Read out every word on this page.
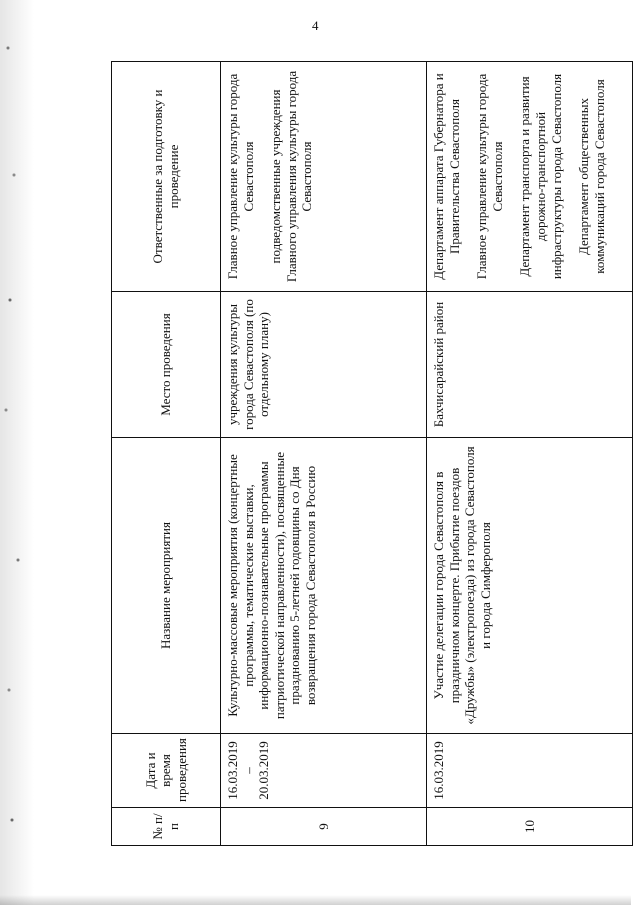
4
№ п/п	Дата и время проведения	Название мероприятия	Место проведения	Ответственные за подготовку и проведение
9	16.03.2019 – 20.03.2019	Культурно-массовые мероприятия (концертные программы, тематические выставки, информационно-познавательные программы патриотической направленности), посвященные празднованию 5-летней годовщины со Дня возвращения города Севастополя в Россию	учреждения культуры города Севастополя (по отдельному плану)	Главное управление культуры города Севастополя подведомственные учреждения Главного управления культуры города Севастополя

10	16.03.2019	Участие делегации города Севастополя в праздничном концерте. Прибытие поездов «Дружбы» (электропоезда) из города Севастополя и города Симферополя	Бахчисарайский район	Департамент аппарата Губернатора и Правительства Севастополя Главное управление культуры города Севастополя Департамент транспорта и развития дорожно-транспортной инфраструктуры города Севастополя Департамент общественных коммуникаций города Севастополя
